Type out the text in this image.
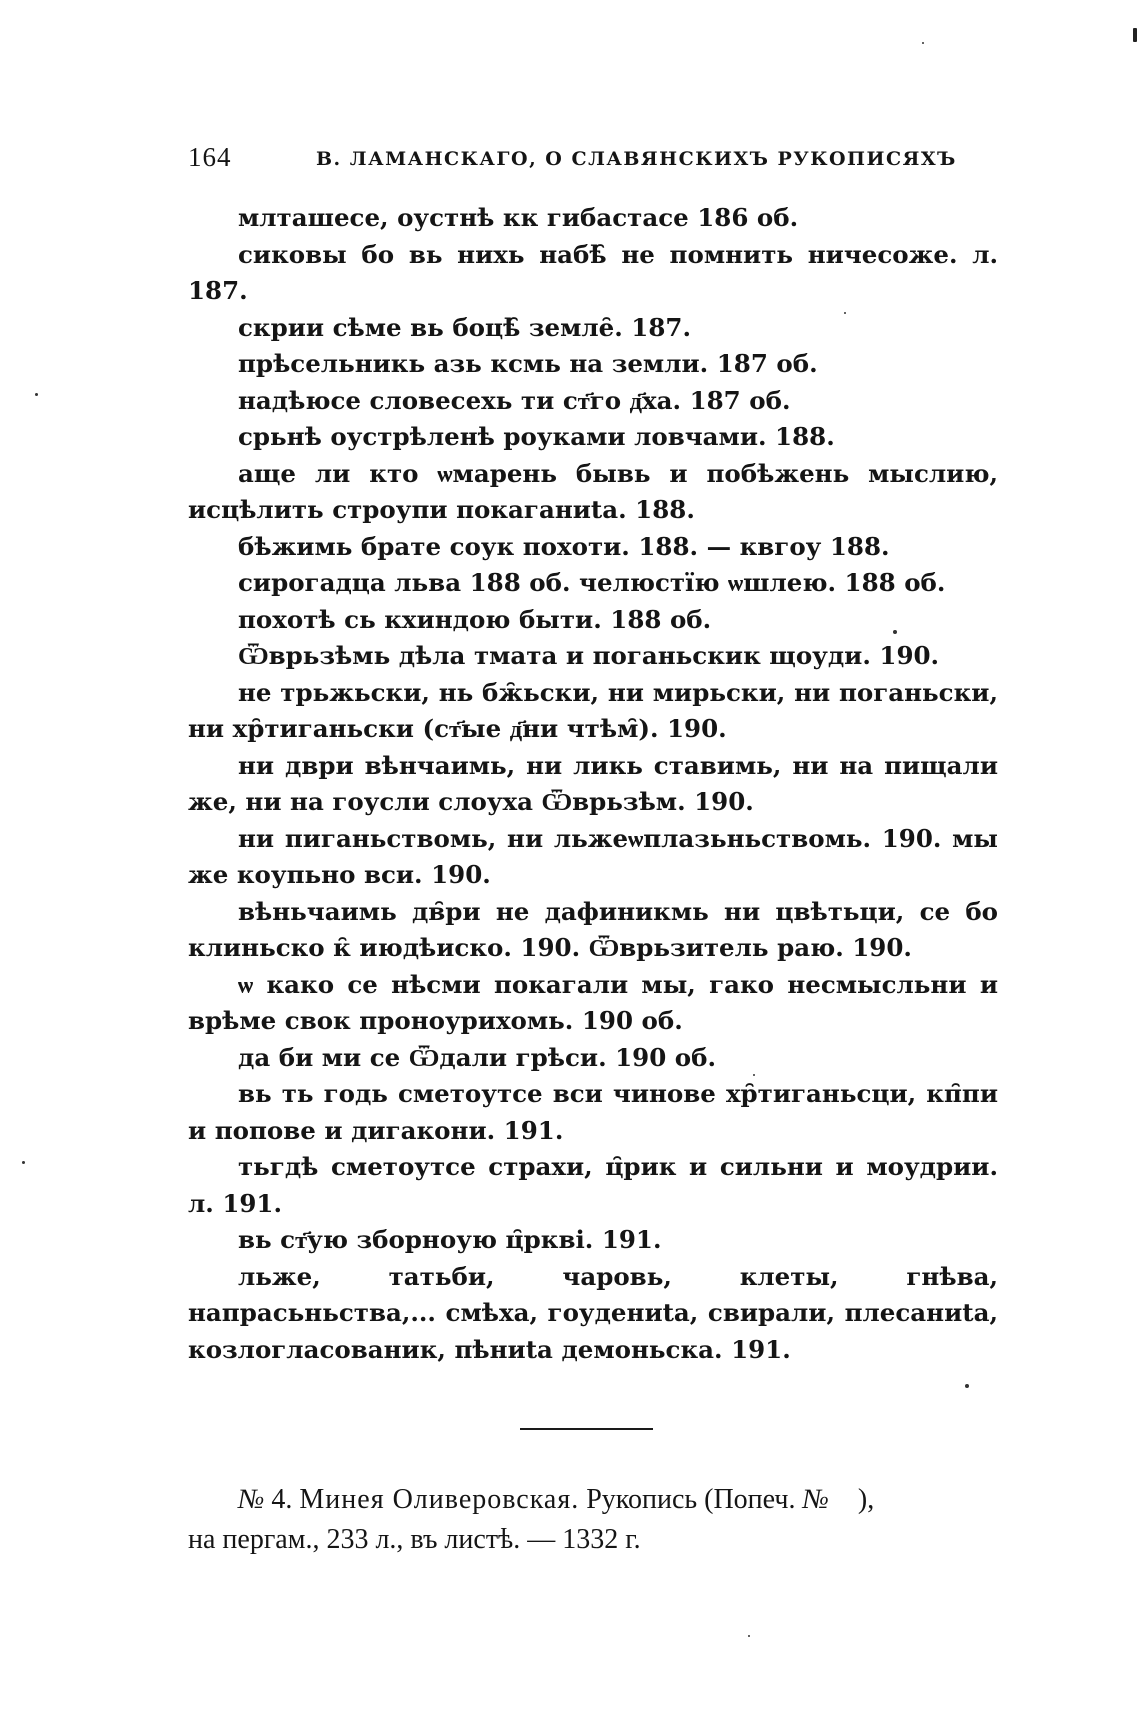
164	В. ЛАМАНСКАГО, О СЛАВЯНСКИХЪ РУКОПИСЯХЪ

млташесе, оустнѣ кк гибастасе 186 об.

сиковы бо вь нихь набѣ̑ не помнить ничесоже. л. 187.

скрии сѣме вь боцѣ̑ земле̑. 187.

прѣсельникь азь ксмь на земли. 187 об.

надѣюсе словесехь ти ст҃го д҃ха. 187 об.

срьнѣ оустрѣленѣ роуками ловчами. 188.

аще ли кто ѡмарень бывь и побѣжень мыслию, исцѣлить строупи покаганиta. 188.

бѣжимь брате соук похоти. 188. — квгоу 188.

сирогадца льва 188 об. челюстїю ѡшлею. 188 об.

похотѣ сь кхиндою быти. 188 об.

Ѿврьзѣмь дѣла тмата и поганьскик щоуди. 190.

не трьжьски, нь бж̑ьски, ни мирьски, ни поганьски, ни хр̑тиганьски (ст҃ые д҃ни чтѣм̑). 190.

ни дври вѣнчаимь, ни ликь ставимь, ни на пищали же, ни на гоусли слоуха Ѿврьзѣм. 190.

ни пиганьствомь, ни льжеѡплазьньствомь. 190. мы же коупьно вси. 190.

вѣньчаимь дв̑ри не дафиникмь ни цвѣтьци, се бо клиньско к̑ июдѣиско. 190. Ѿврьзитель раю. 190.

ѡ како се нѣсми покагали мы, гако несмысльни и врѣме свок проноурихомь. 190 об.

да би ми се Ѿдали грѣси. 190 об.

вь ть годь сметоутсе вси чинове хр̑тиганьсци, кп̑пи и попове и дигакони. 191.

тьгдѣ сметоутсе страхи, ц̑рик и сильни и моудрии. л. 191.

вь ст҃ую зборноую ц̑ркві. 191.

льже, татьби, чаровь, клеты, гнѣва, напрасьньства,... смѣха, гоудениta, свирали, плесаниta, козлогласованик, пѣниta демоньска. 191.

№ 4. Минея Оливеровская. Рукопись (Попеч. № ),
на пергам., 233 л., въ листѣ. — 1332 г.
